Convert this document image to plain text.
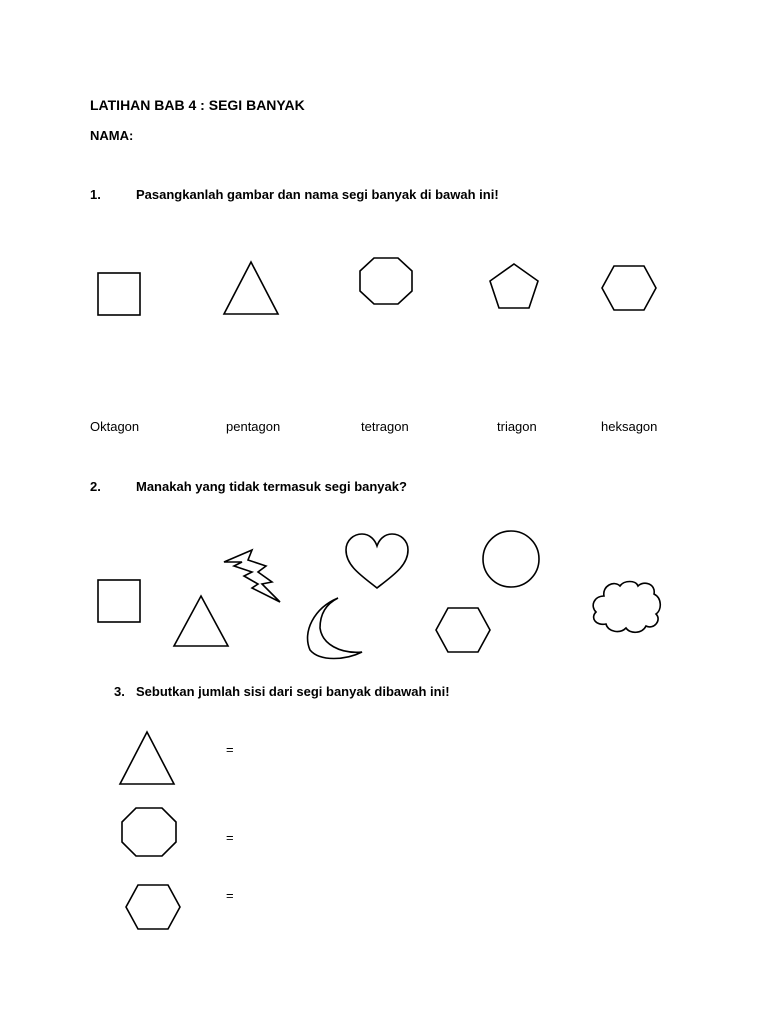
LATIHAN BAB 4 : SEGI BANYAK
NAMA:
1.	Pasangkanlah gambar dan nama segi banyak di bawah ini!
Oktagon	pentagon	tetragon	triagon	heksagon
2.	Manakah yang tidak termasuk segi banyak?
3. Sebutkan jumlah sisi dari segi banyak dibawah ini!
=
=
=
